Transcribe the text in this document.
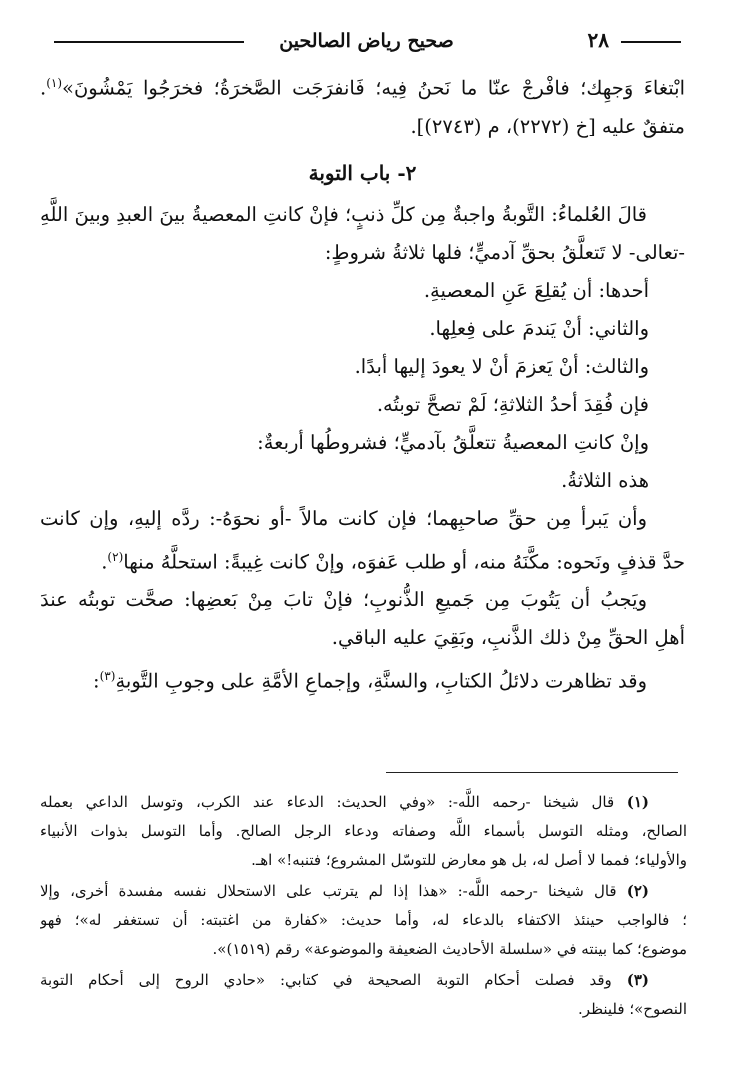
٢٨
صحيح رياض الصالحين
ابْتغاءَ وَجهِك؛ فافْرجْ عنّا ما نَحنُ فِيه؛ فَانفرَجَت الصَّخرَةُ؛ فخرَجُوا يَمْشُونَ»$^{(١)}$.
متفقٌ عليه [خ (٢٢٧٢)، م (٢٧٤٣)].
٢- باب التوبة
قالَ العُلماءُ: التَّوبةُ واجبةٌ مِن كلِّ ذنبٍ؛ فإنْ كانتِ المعصيةُ بينَ العبدِ وبينَ اللَّهِ
-تعالى- لا تَتعلَّقُ بحقِّ آدميٍّ؛ فلها ثلاثةُ شروطٍ:
أحدها: أن يُقلِعَ عَنِ المعصيةِ.
والثاني: أنْ يَندمَ على فِعلِها.
والثالث: أنْ يَعزمَ أنْ لا يعودَ إليها أبدًا.
فإن فُقِدَ أحدُ الثلاثةِ؛ لَمْ تصحَّ توبتُه.
وإنْ كانتِ المعصيةُ تتعلَّقُ بآدميٍّ؛ فشروطُها أربعةٌ:
هذه الثلاثةُ.
وأن يَبرأ مِن حقِّ صاحبِهما؛ فإن كانت مالاً -أو نحوَهُ-: ردَّه إليهِ، وإن كانت
حدَّ قذفٍ ونَحوه: مكَّنَهُ منه، أو طلب عَفوَه، وإنْ كانت غِيبةً: استحلَّهُ منها$^{(٢)}$.
ويَجبُ أن يَتُوبَ مِن جَميعِ الذُّنوبِ؛ فإنْ تابَ مِنْ بَعضِها: صحَّت توبتُه عندَ
أهلِ الحقِّ مِنْ ذلك الذَّنبِ، وبَقِيَ عليه الباقي.
وقد تظاهرت دلائلُ الكتابِ، والسنَّةِ، وإجماعِ الأمَّةِ على وجوبِ التَّوبةِ$^{(٣)}$:
(١) قال شيخنا -رحمه اللَّه-: «وفي الحديث: الدعاء عند الكرب، وتوسل الداعي بعمله
الصالح، ومثله التوسل بأسماء اللَّه وصفاته ودعاء الرجل الصالح. وأما التوسل بذوات الأنبياء
والأولياء؛ فمما لا أصل له، بل هو معارض للتوسّل المشروع؛ فتنبه!» اهـ.
(٢) قال شيخنا -رحمه اللَّه-: «هذا إذا لم يترتب على الاستحلال نفسه مفسدة أخرى، وإلا
؛ فالواجب حينئذ الاكتفاء بالدعاء له، وأما حديث: «كفارة من اغتبته: أن تستغفر له»؛ فهو
موضوع؛ كما بينته في «سلسلة الأحاديث الضعيفة والموضوعة» رقم (١٥١٩)».
(٣) وقد فصلت أحكام التوبة الصحيحة في كتابي: «حادي الروح إلى أحكام التوبة
النصوح»؛ فلينظر.
